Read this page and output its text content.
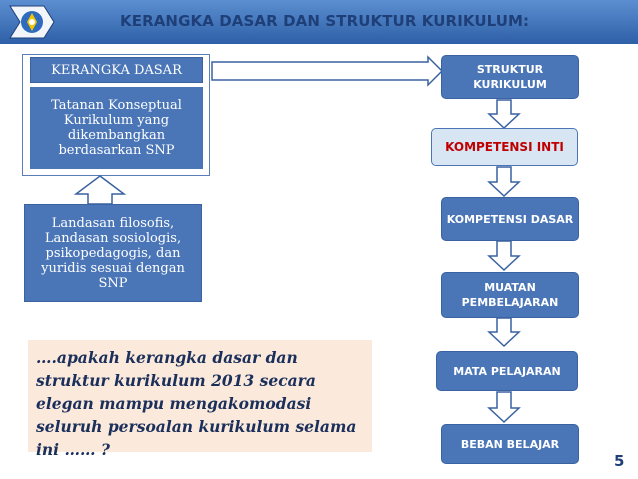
KERANGKA DASAR DAN STRUKTUR KURIKULUM:
KERANGKA DASAR
Tatanan Konseptual Kurikulum yang dikembangkan berdasarkan SNP
Landasan filosofis, Landasan sosiologis, psikopedagogis, dan yuridis sesuai dengan SNP
STRUKTUR KURIKULUM
KOMPETENSI INTI
KOMPETENSI DASAR
MUATAN PEMBELAJARAN
MATA PELAJARAN
BEBAN BELAJAR
….apakah kerangka dasar dan struktur kurikulum 2013 secara elegan mampu mengakomodasi seluruh persoalan kurikulum selama ini …… ?
5
